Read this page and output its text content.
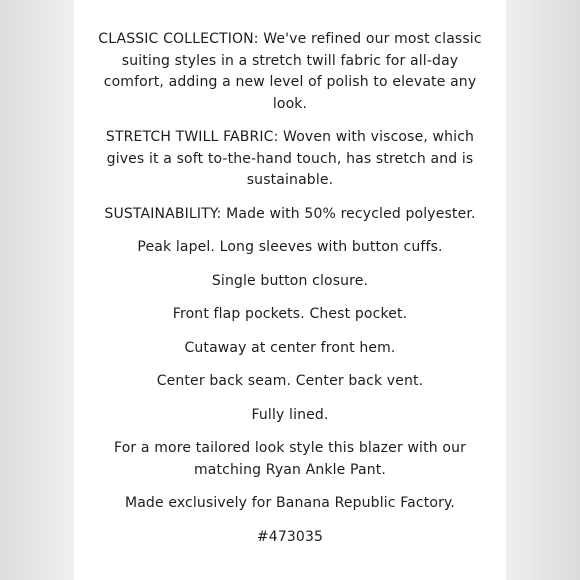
CLASSIC COLLECTION: We've refined our most classic suiting styles in a stretch twill fabric for all-day comfort, adding a new level of polish to elevate any look.

STRETCH TWILL FABRIC: Woven with viscose, which gives it a soft to-the-hand touch, has stretch and is sustainable.

SUSTAINABILITY: Made with 50% recycled polyester.

Peak lapel. Long sleeves with button cuffs.

Single button closure.

Front flap pockets. Chest pocket.

Cutaway at center front hem.

Center back seam. Center back vent.

Fully lined.

For a more tailored look style this blazer with our matching Ryan Ankle Pant.

Made exclusively for Banana Republic Factory.

#473035
